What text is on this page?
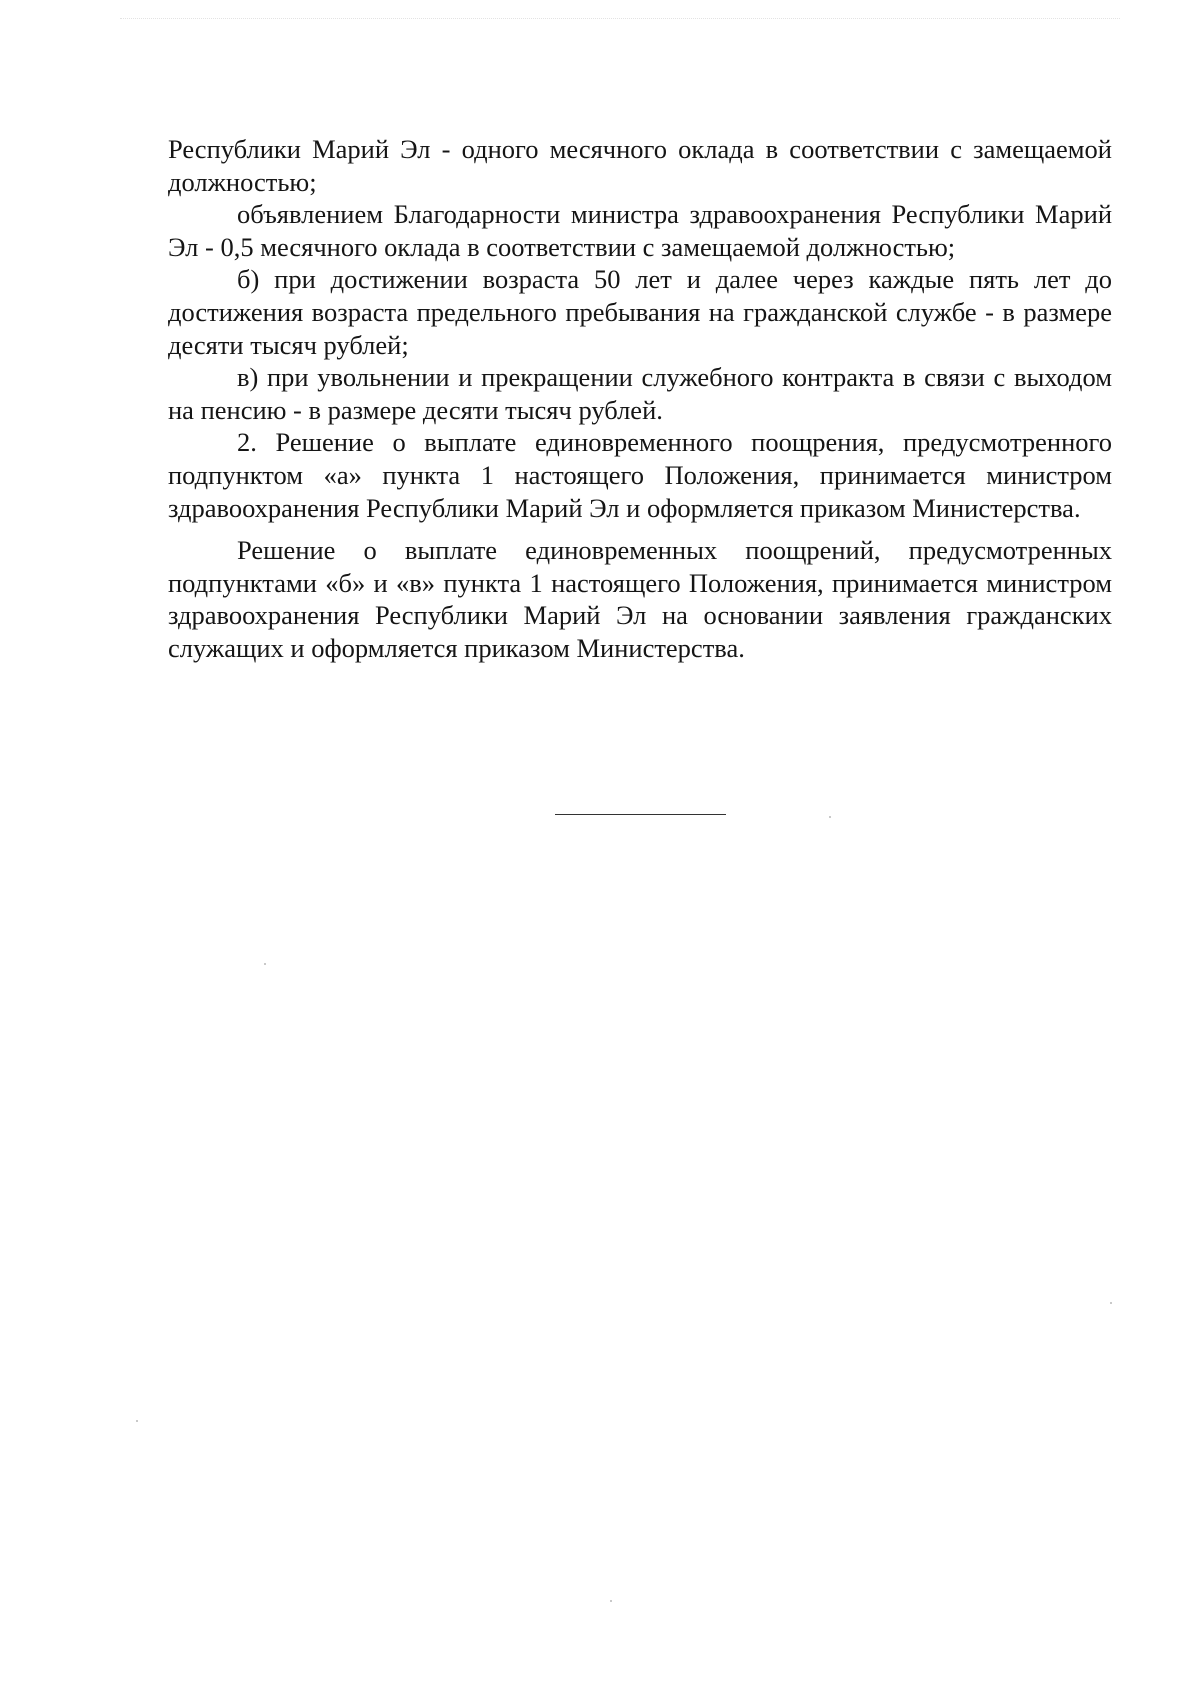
Республики Марий Эл - одного месячного оклада в соответствии с замещаемой должностью;

объявлением Благодарности министра здравоохранения Республики Марий Эл - 0,5 месячного оклада в соответствии с замещаемой должностью;

б) при достижении возраста 50 лет и далее через каждые пять лет до достижения возраста предельного пребывания на гражданской службе - в размере десяти тысяч рублей;

в) при увольнении и прекращении служебного контракта в связи с выходом на пенсию - в размере десяти тысяч рублей.

2. Решение о выплате единовременного поощрения, предусмотренного подпунктом «а» пункта 1 настоящего Положения, принимается министром здравоохранения Республики Марий Эл и оформляется приказом Министерства.

Решение о выплате единовременных поощрений, предусмотренных подпунктами «б» и «в» пункта 1 настоящего Положения, принимается министром здравоохранения Республики Марий Эл на основании заявления гражданских служащих и оформляется приказом Министерства.
